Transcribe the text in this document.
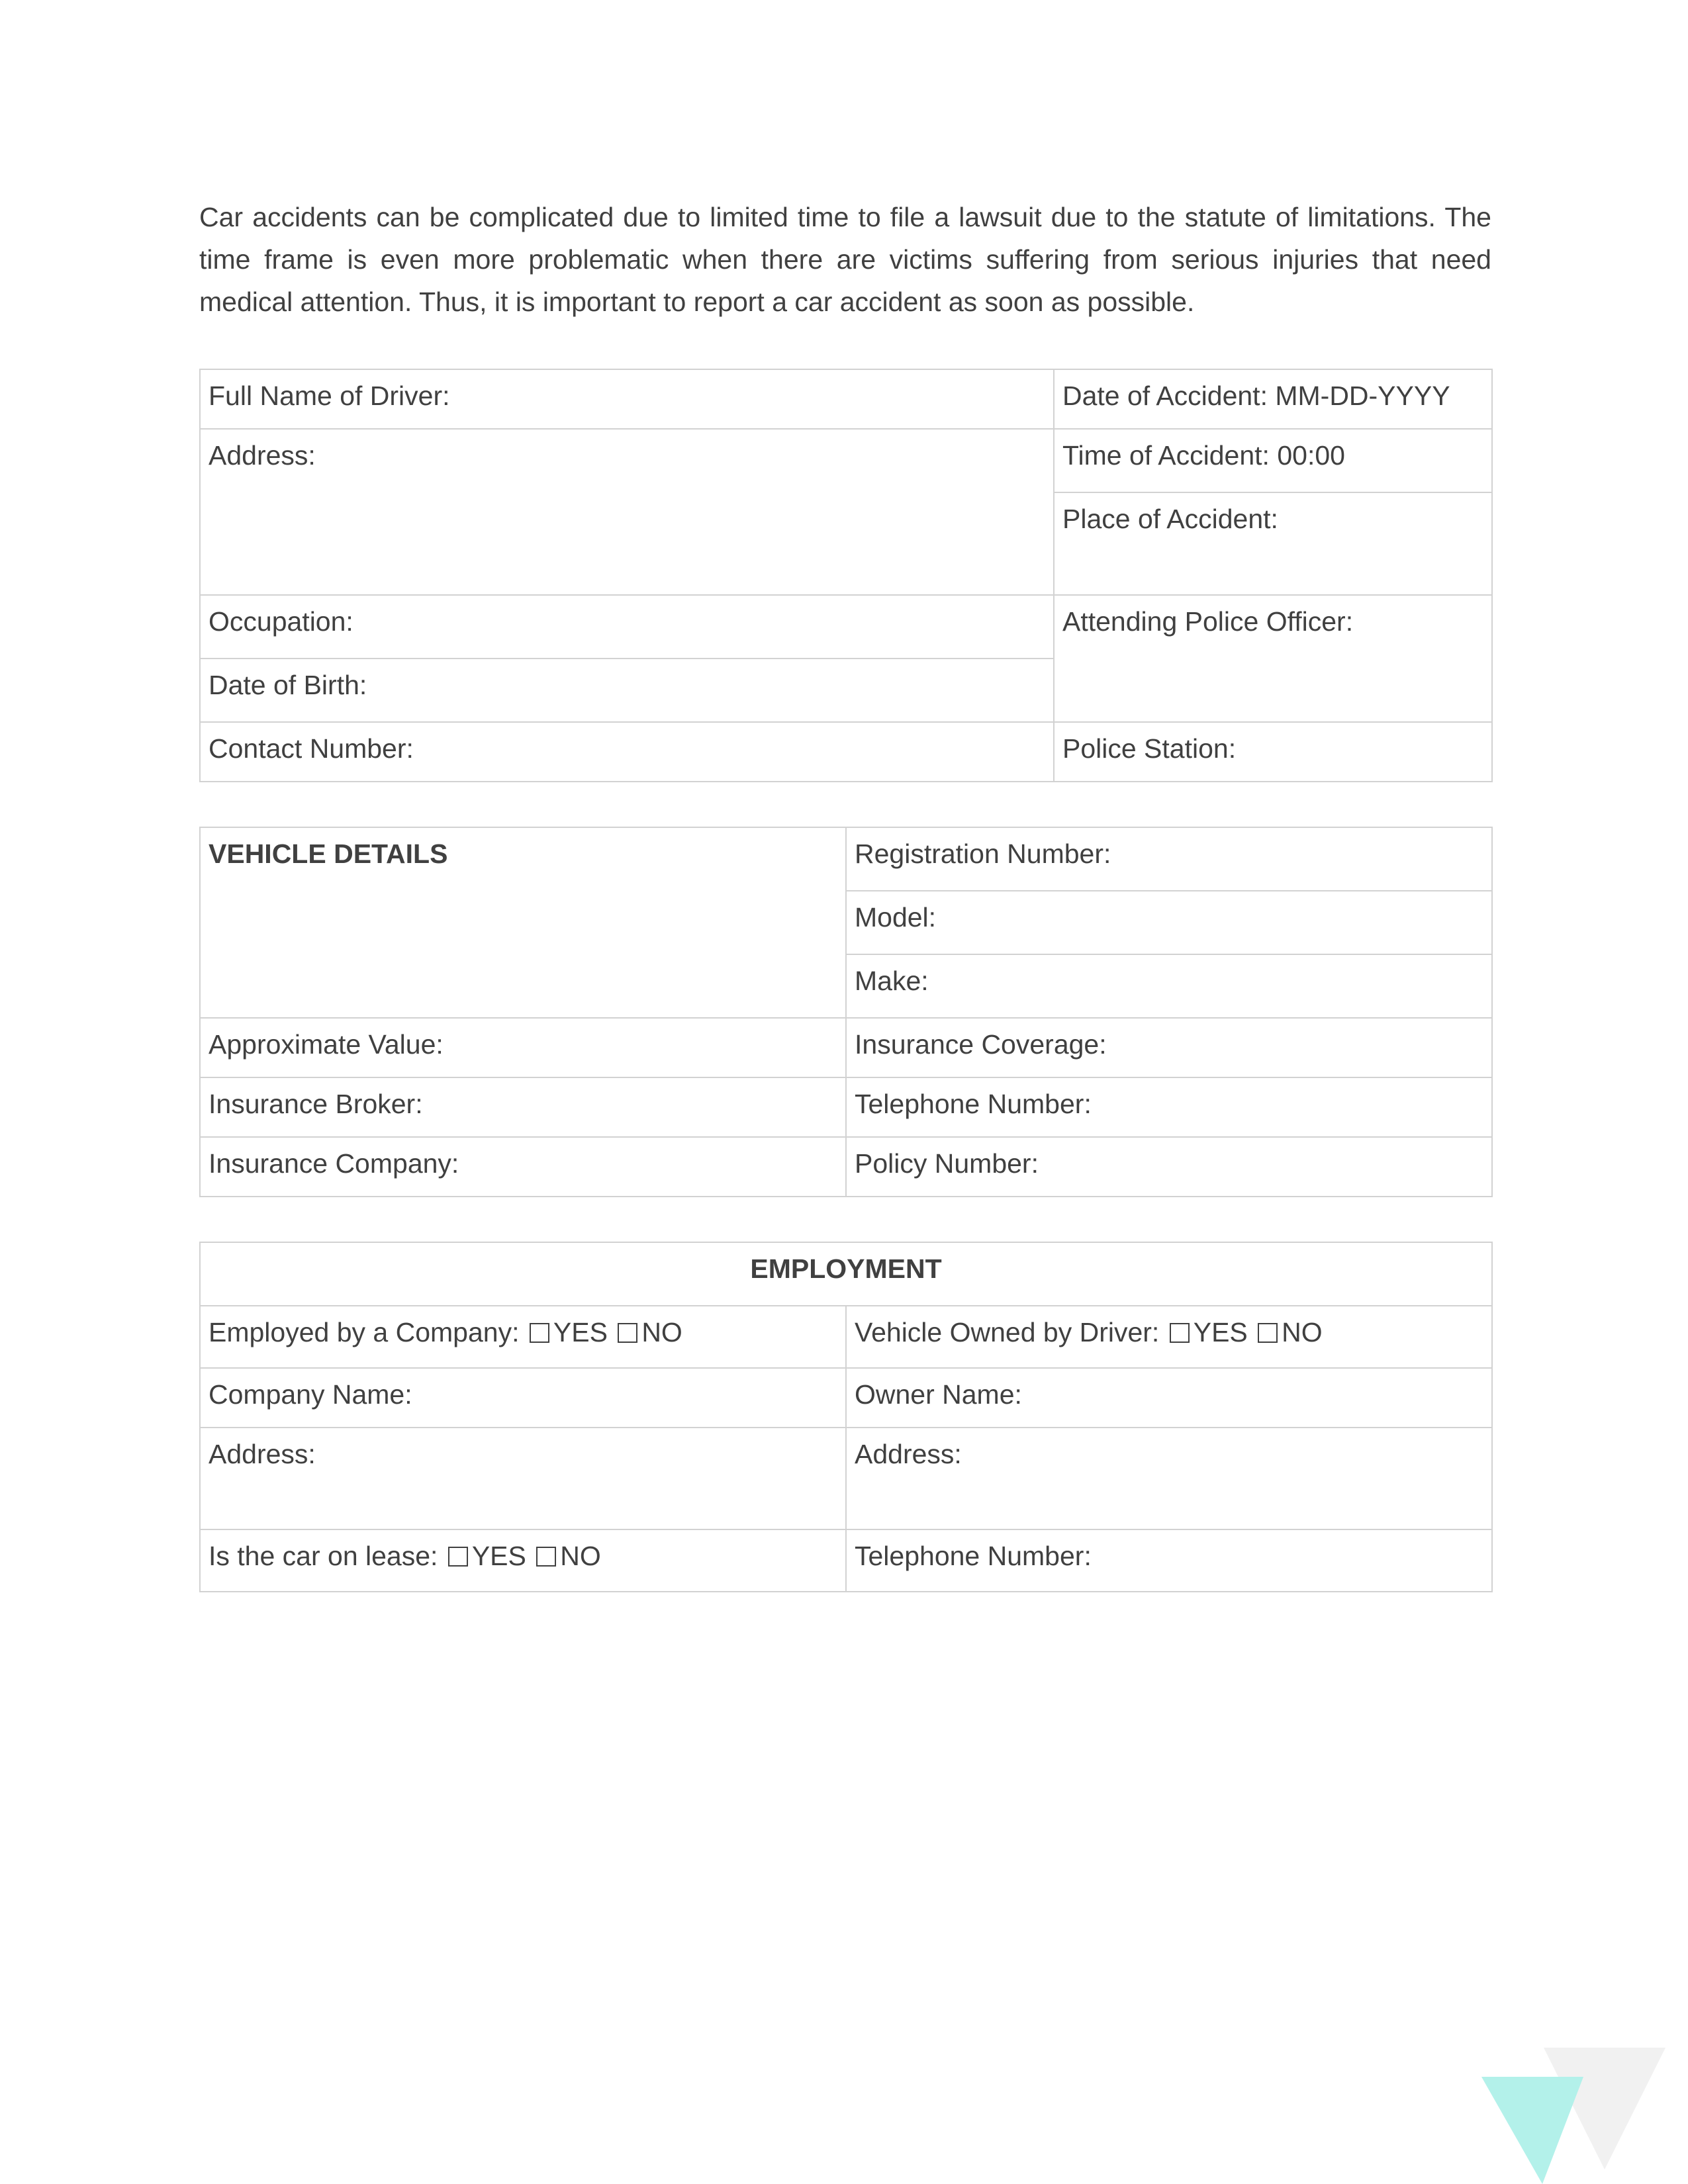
Car accidents can be complicated due to limited time to file a lawsuit due to the statute of limitations. The time frame is even more problematic when there are victims suffering from serious injuries that need medical attention. Thus, it is important to report a car accident as soon as possible.

Full Name of Driver:	Date of Accident: MM-DD-YYYY
Address:	Time of Accident: 00:00
	Place of Accident:
Occupation:	Attending Police Officer:
Date of Birth:	
Contact Number:	Police Station:
VEHICLE DETAILS	Registration Number:
	Model:
	Make:
Approximate Value:	Insurance Coverage:
Insurance Broker:	Telephone Number:
Insurance Company:	Policy Number:
EMPLOYMENT	
Employed by a Company: YES NO	Vehicle Owned by Driver: YES NO
Company Name:	Owner Name:
Address:	Address:
Is the car on lease: YES NO	Telephone Number:
